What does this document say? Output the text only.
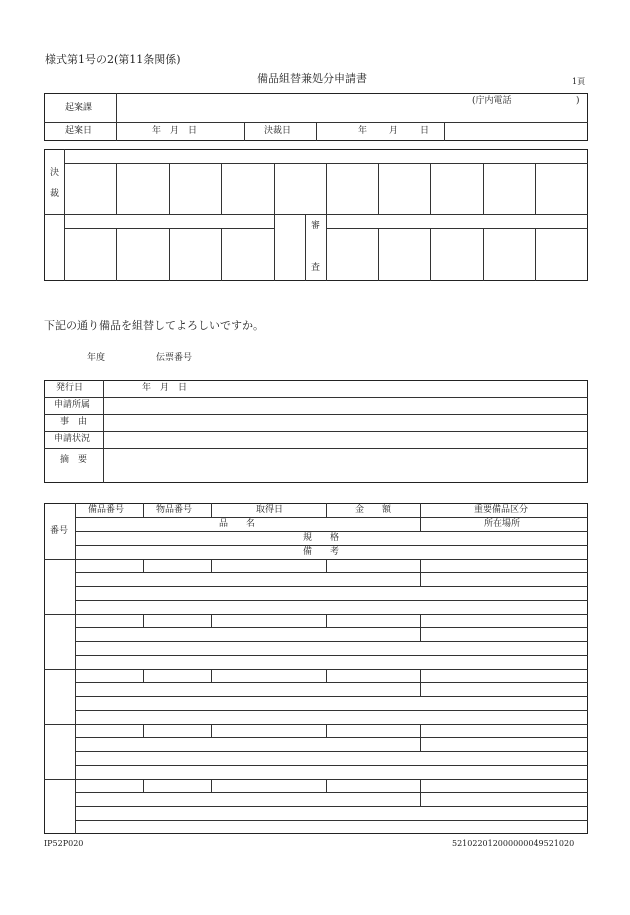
様式第1号の2(第11条関係)
備品組替兼処分申請書	1頁
起案課
(庁内電話	)
起案日	年　月　日	決裁日	年 月 日
決
裁
審
査
下記の通り備品を組替してよろしいですか。
年度	伝票番号
発行日	年　月　日
申請所属
事　由
申請状況
摘　要
備品番号	物品番号	取得日	金　　額	重要備品区分
品　　名	所在場所
規　　格
備　　考
番号
IP52P020	521022012000000049521020
